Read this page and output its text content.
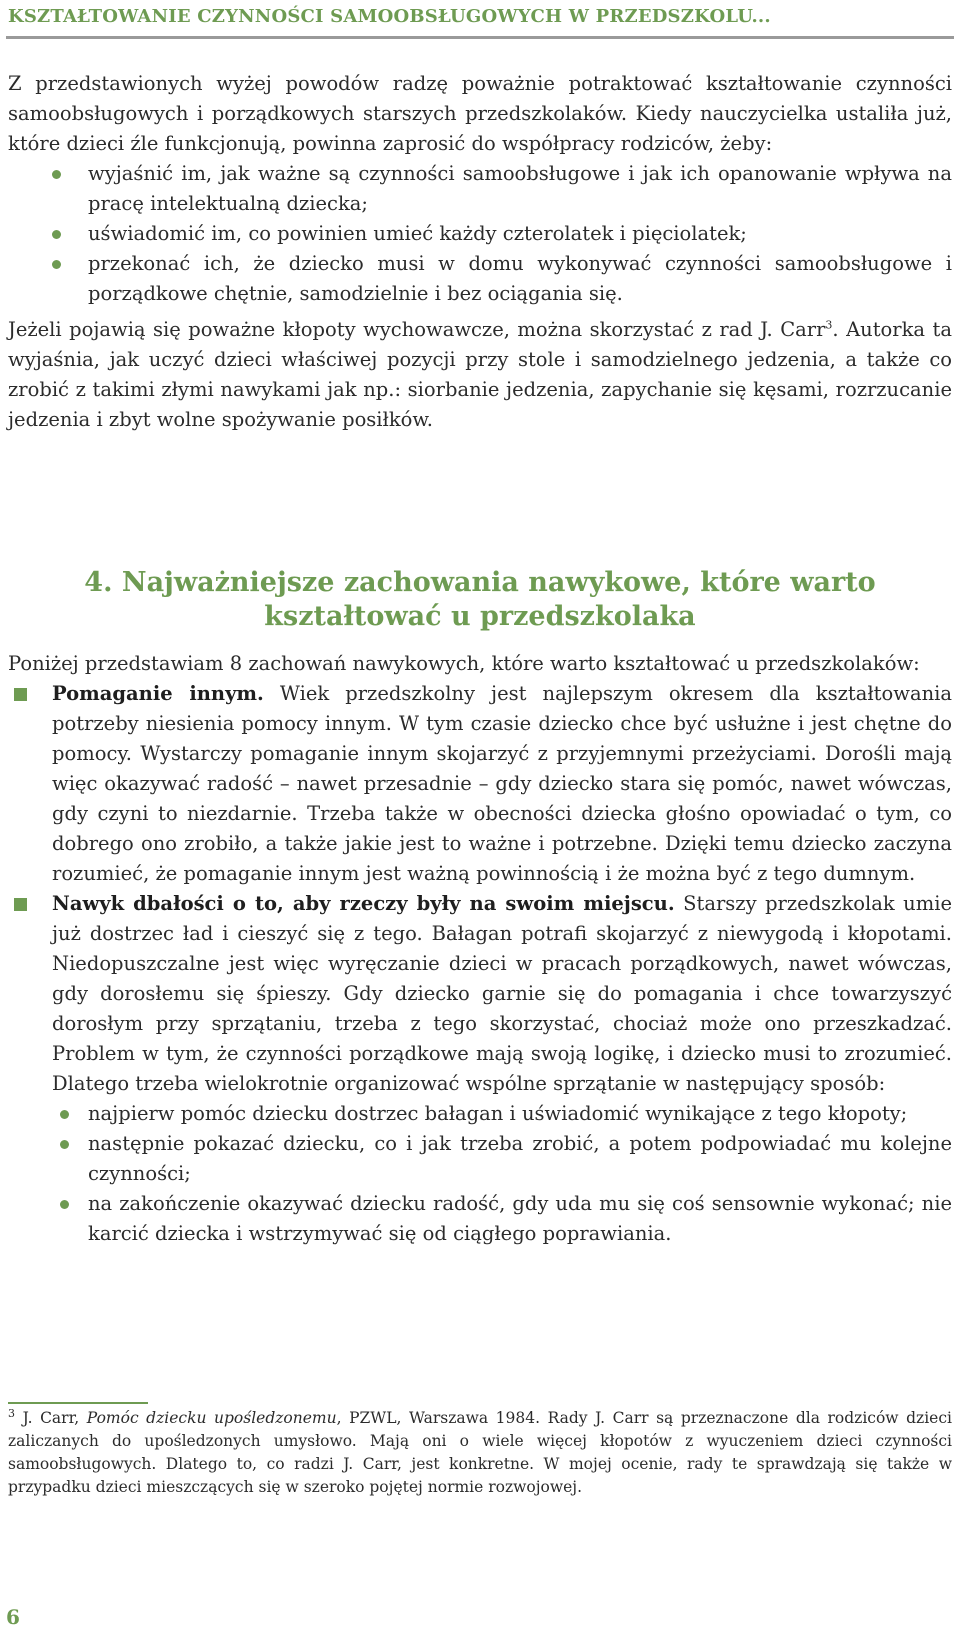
KSZTAŁTOWANIE CZYNNOŚCI SAMOOBSŁUGOWYCH W PRZEDSZKOLU...

Z przedstawionych wyżej powodów radzę poważnie potraktować kształtowanie czynności samoobsługowych i porządkowych starszych przedszkolaków. Kiedy nauczycielka ustaliła już, które dzieci źle funkcjonują, powinna zaprosić do współpracy rodziców, żeby:

wyjaśnić im, jak ważne są czynności samoobsługowe i jak ich opanowanie wpływa na pracę intelektualną dziecka;
uświadomić im, co powinien umieć każdy czterolatek i pięciolatek;
przekonać ich, że dziecko musi w domu wykonywać czynności samoobsługowe i porządkowe chętnie, samodzielnie i bez ociągania się.

Jeżeli pojawią się poważne kłopoty wychowawcze, można skorzystać z rad J. Carr$^3$. Autorka ta wyjaśnia, jak uczyć dzieci właściwej pozycji przy stole i samodzielnego jedzenia, a także co zrobić z takimi złymi nawykami jak np.: siorbanie jedzenia, zapychanie się kęsami, rozrzucanie jedzenia i zbyt wolne spożywanie posiłków.

4. Najważniejsze zachowania nawykowe, które warto
kształtować u przedszkolaka

Poniżej przedstawiam 8 zachowań nawykowych, które warto kształtować u przedszkolaków:

Pomaganie innym. Wiek przedszkolny jest najlepszym okresem dla kształtowania potrzeby niesienia pomocy innym. W tym czasie dziecko chce być usłużne i jest chętne do pomocy. Wystarczy pomaganie innym skojarzyć z przyjemnymi przeżyciami. Dorośli mają więc okazywać radość – nawet przesadnie – gdy dziecko stara się pomóc, nawet wówczas, gdy czyni to niezdarnie. Trzeba także w obecności dziecka głośno opowiadać o tym, co dobrego ono zrobiło, a także jakie jest to ważne i potrzebne. Dzięki temu dziecko zaczyna rozumieć, że pomaganie innym jest ważną powinnością i że można być z tego dumnym.
Nawyk dbałości o to, aby rzeczy były na swoim miejscu. Starszy przedszkolak umie już dostrzec ład i cieszyć się z tego. Bałagan potrafi skojarzyć z niewygodą i kłopotami. Niedopuszczalne jest więc wyręczanie dzieci w pracach porządkowych, nawet wówczas, gdy dorosłemu się śpieszy. Gdy dziecko garnie się do pomagania i chce towarzyszyć dorosłym przy sprzątaniu, trzeba z tego skorzystać, chociaż może ono przeszkadzać. Problem w tym, że czynności porządkowe mają swoją logikę, i dziecko musi to zrozumieć. Dlatego trzeba wielokrotnie organizować wspólne sprzątanie w następujący sposób:
najpierw pomóc dziecku dostrzec bałagan i uświadomić wynikające z tego kłopoty;
następnie pokazać dziecku, co i jak trzeba zrobić, a potem podpowiadać mu kolejne czynności;
na zakończenie okazywać dziecku radość, gdy uda mu się coś sensownie wykonać; nie karcić dziecka i wstrzymywać się od ciągłego poprawiania.
$^3$ J. Carr, Pomóc dziecku upośledzonemu, PZWL, Warszawa 1984. Rady J. Carr są przeznaczone dla rodziców dzieci zaliczanych do upośledzonych umysłowo. Mają oni o wiele więcej kłopotów z wyuczeniem dzieci czynności samoobsługowych. Dlatego to, co radzi J. Carr, jest konkretne. W mojej ocenie, rady te sprawdzają się także w przypadku dzieci mieszczących się w szeroko pojętej normie rozwojowej.
6
